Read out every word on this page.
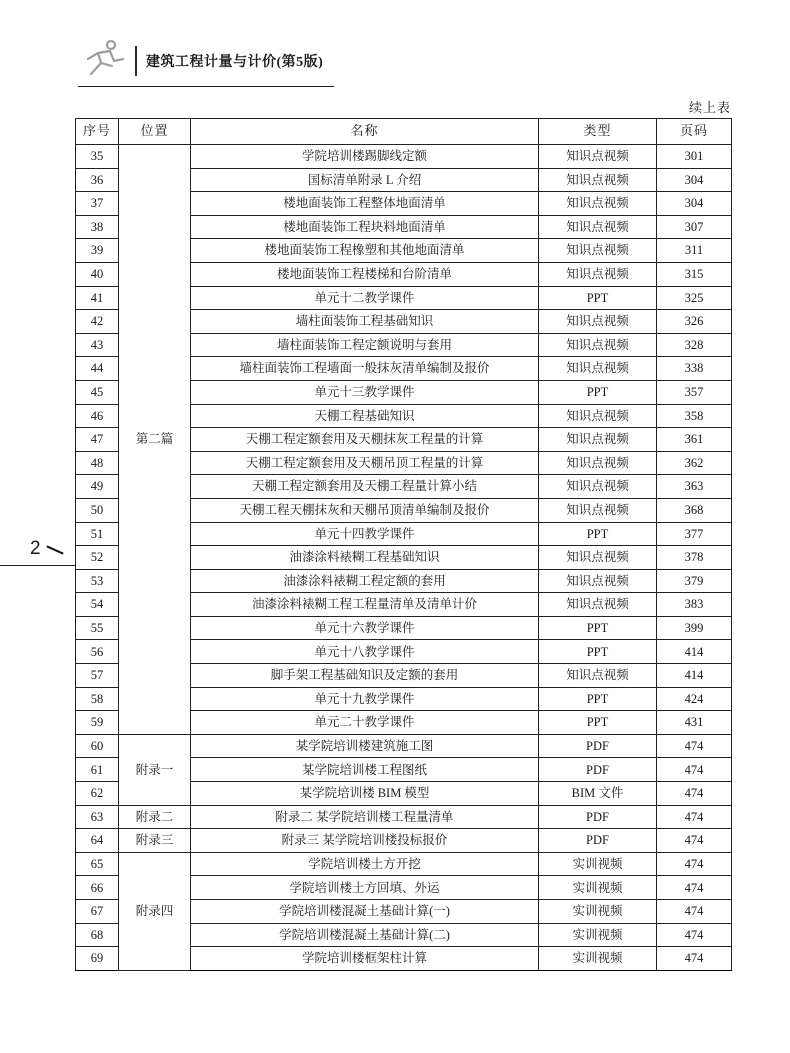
建筑工程计量与计价(第5版)
续上表
序号	位置	名称	类型	页码
35	第二篇	学院培训楼踢脚线定额	知识点视频	301
36		国标清单附录 L 介绍	知识点视频	304
37		楼地面装饰工程整体地面清单	知识点视频	304
38		楼地面装饰工程块料地面清单	知识点视频	307
39		楼地面装饰工程橡塑和其他地面清单	知识点视频	311
40		楼地面装饰工程楼梯和台阶清单	知识点视频	315
41		单元十二教学课件	PPT	325
42		墙柱面装饰工程基础知识	知识点视频	326
43		墙柱面装饰工程定额说明与套用	知识点视频	328
44		墙柱面装饰工程墙面一般抹灰清单编制及报价	知识点视频	338
45		单元十三教学课件	PPT	357
46		天棚工程基础知识	知识点视频	358
47		天棚工程定额套用及天棚抹灰工程量的计算	知识点视频	361
48		天棚工程定额套用及天棚吊顶工程量的计算	知识点视频	362
49		天棚工程定额套用及天棚工程量计算小结	知识点视频	363
50		天棚工程天棚抹灰和天棚吊顶清单编制及报价	知识点视频	368
51		单元十四教学课件	PPT	377
52		油漆涂料裱糊工程基础知识	知识点视频	378
53		油漆涂料裱糊工程定额的套用	知识点视频	379
54		油漆涂料裱糊工程工程量清单及清单计价	知识点视频	383
55		单元十六教学课件	PPT	399
56		单元十八教学课件	PPT	414
57		脚手架工程基础知识及定额的套用	知识点视频	414
58		单元十九教学课件	PPT	424
59		单元二十教学课件	PPT	431
60	附录一	某学院培训楼建筑施工图	PDF	474
61		某学院培训楼工程图纸	PDF	474
62		某学院培训楼 BIM 模型	BIM 文件	474
63	附录二	附录二 某学院培训楼工程量清单	PDF	474
64	附录三	附录三 某学院培训楼投标报价	PDF	474
65	附录四	学院培训楼土方开挖	实训视频	474
66		学院培训楼土方回填、外运	实训视频	474
67		学院培训楼混凝土基础计算(一)	实训视频	474
68		学院培训楼混凝土基础计算(二)	实训视频	474
69		学院培训楼框架柱计算	实训视频	474
2
